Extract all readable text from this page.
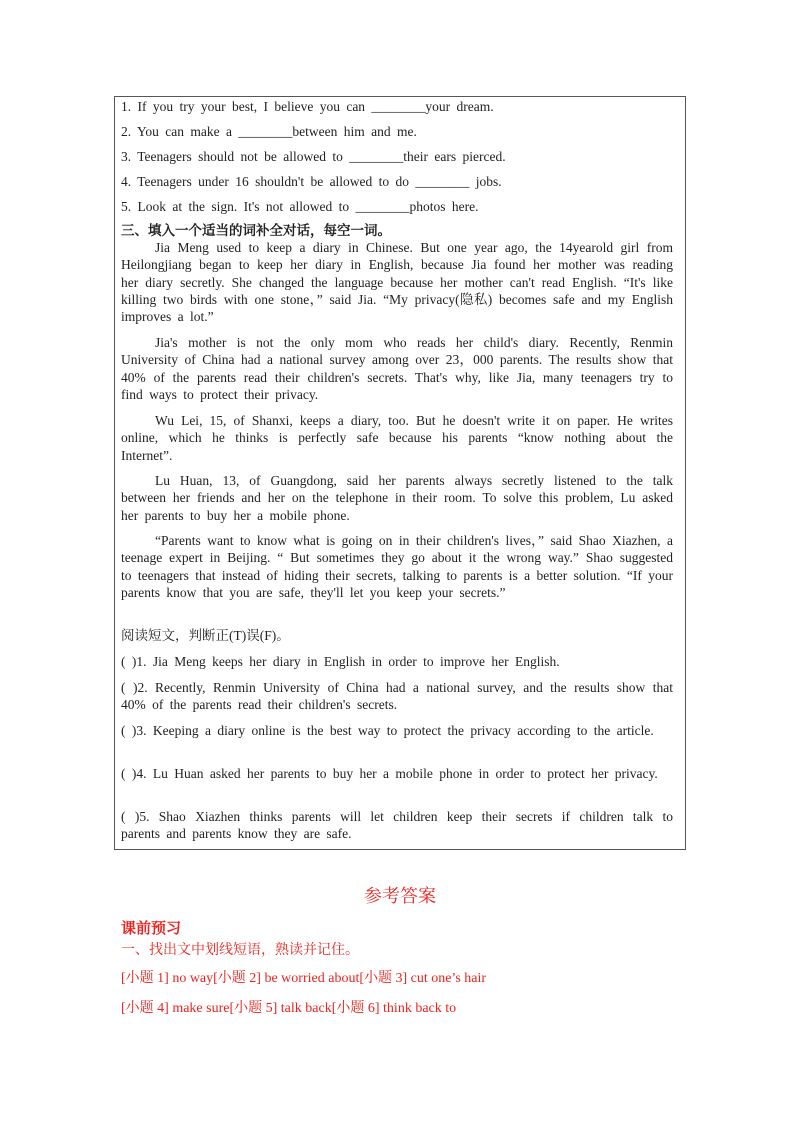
1. If you try your best, I believe you can ________your dream.
2. You can make a ________between him and me.
3. Teenagers should not be allowed to ________their ears pierced.
4. Teenagers under 16 shouldn't be allowed to do ________ jobs.
5. Look at the sign. It's not allowed to ________photos here.
三、填入一个适当的词补全对话，每空一词。
Jia Meng used to keep a diary in Chinese. But one year ago, the 14yearold girl from Heilongjiang began to keep her diary in English, because Jia found her mother was reading her diary secretly. She changed the language because her mother can't read English. “It's like killing two birds with one stone，” said Jia. “My privacy(隐私) becomes safe and my English improves a lot.”
Jia's mother is not the only mom who reads her child's diary. Recently, Renmin University of China had a national survey among over 23，000 parents. The results show that 40% of the parents read their children's secrets. That's why, like Jia, many teenagers try to find ways to protect their privacy.
Wu Lei, 15, of Shanxi, keeps a diary, too. But he doesn't write it on paper. He writes online, which he thinks is perfectly safe because his parents “know nothing about the Internet”.
Lu Huan, 13, of Guangdong, said her parents always secretly listened to the talk between her friends and her on the telephone in their room. To solve this problem, Lu asked her parents to buy her a mobile phone.
“Parents want to know what is going on in their children's lives，” said Shao Xiazhen, a teenage expert in Beijing. “ But sometimes they go about it the wrong way.” Shao suggested to teenagers that instead of hiding their secrets, talking to parents is a better solution. “If your parents know that you are safe, they'll let you keep your secrets.”
阅读短文，判断正(T)误(F)。
( )1. Jia Meng keeps her diary in English in order to improve her English.
( )2. Recently, Renmin University of China had a national survey, and the results show that 40% of the parents read their children's secrets.
( )3. Keeping a diary online is the best way to protect the privacy according to the article.
( )4. Lu Huan asked her parents to buy her a mobile phone in order to protect her privacy.
( )5. Shao Xiazhen thinks parents will let children keep their secrets if children talk to parents and parents know they are safe.
参考答案
课前预习
一、找出文中划线短语，熟读并记住。
[小题 1] no way[小题 2] be worried about[小题 3] cut one’s hair
[小题 4] make sure[小题 5] talk back[小题 6] think back to
